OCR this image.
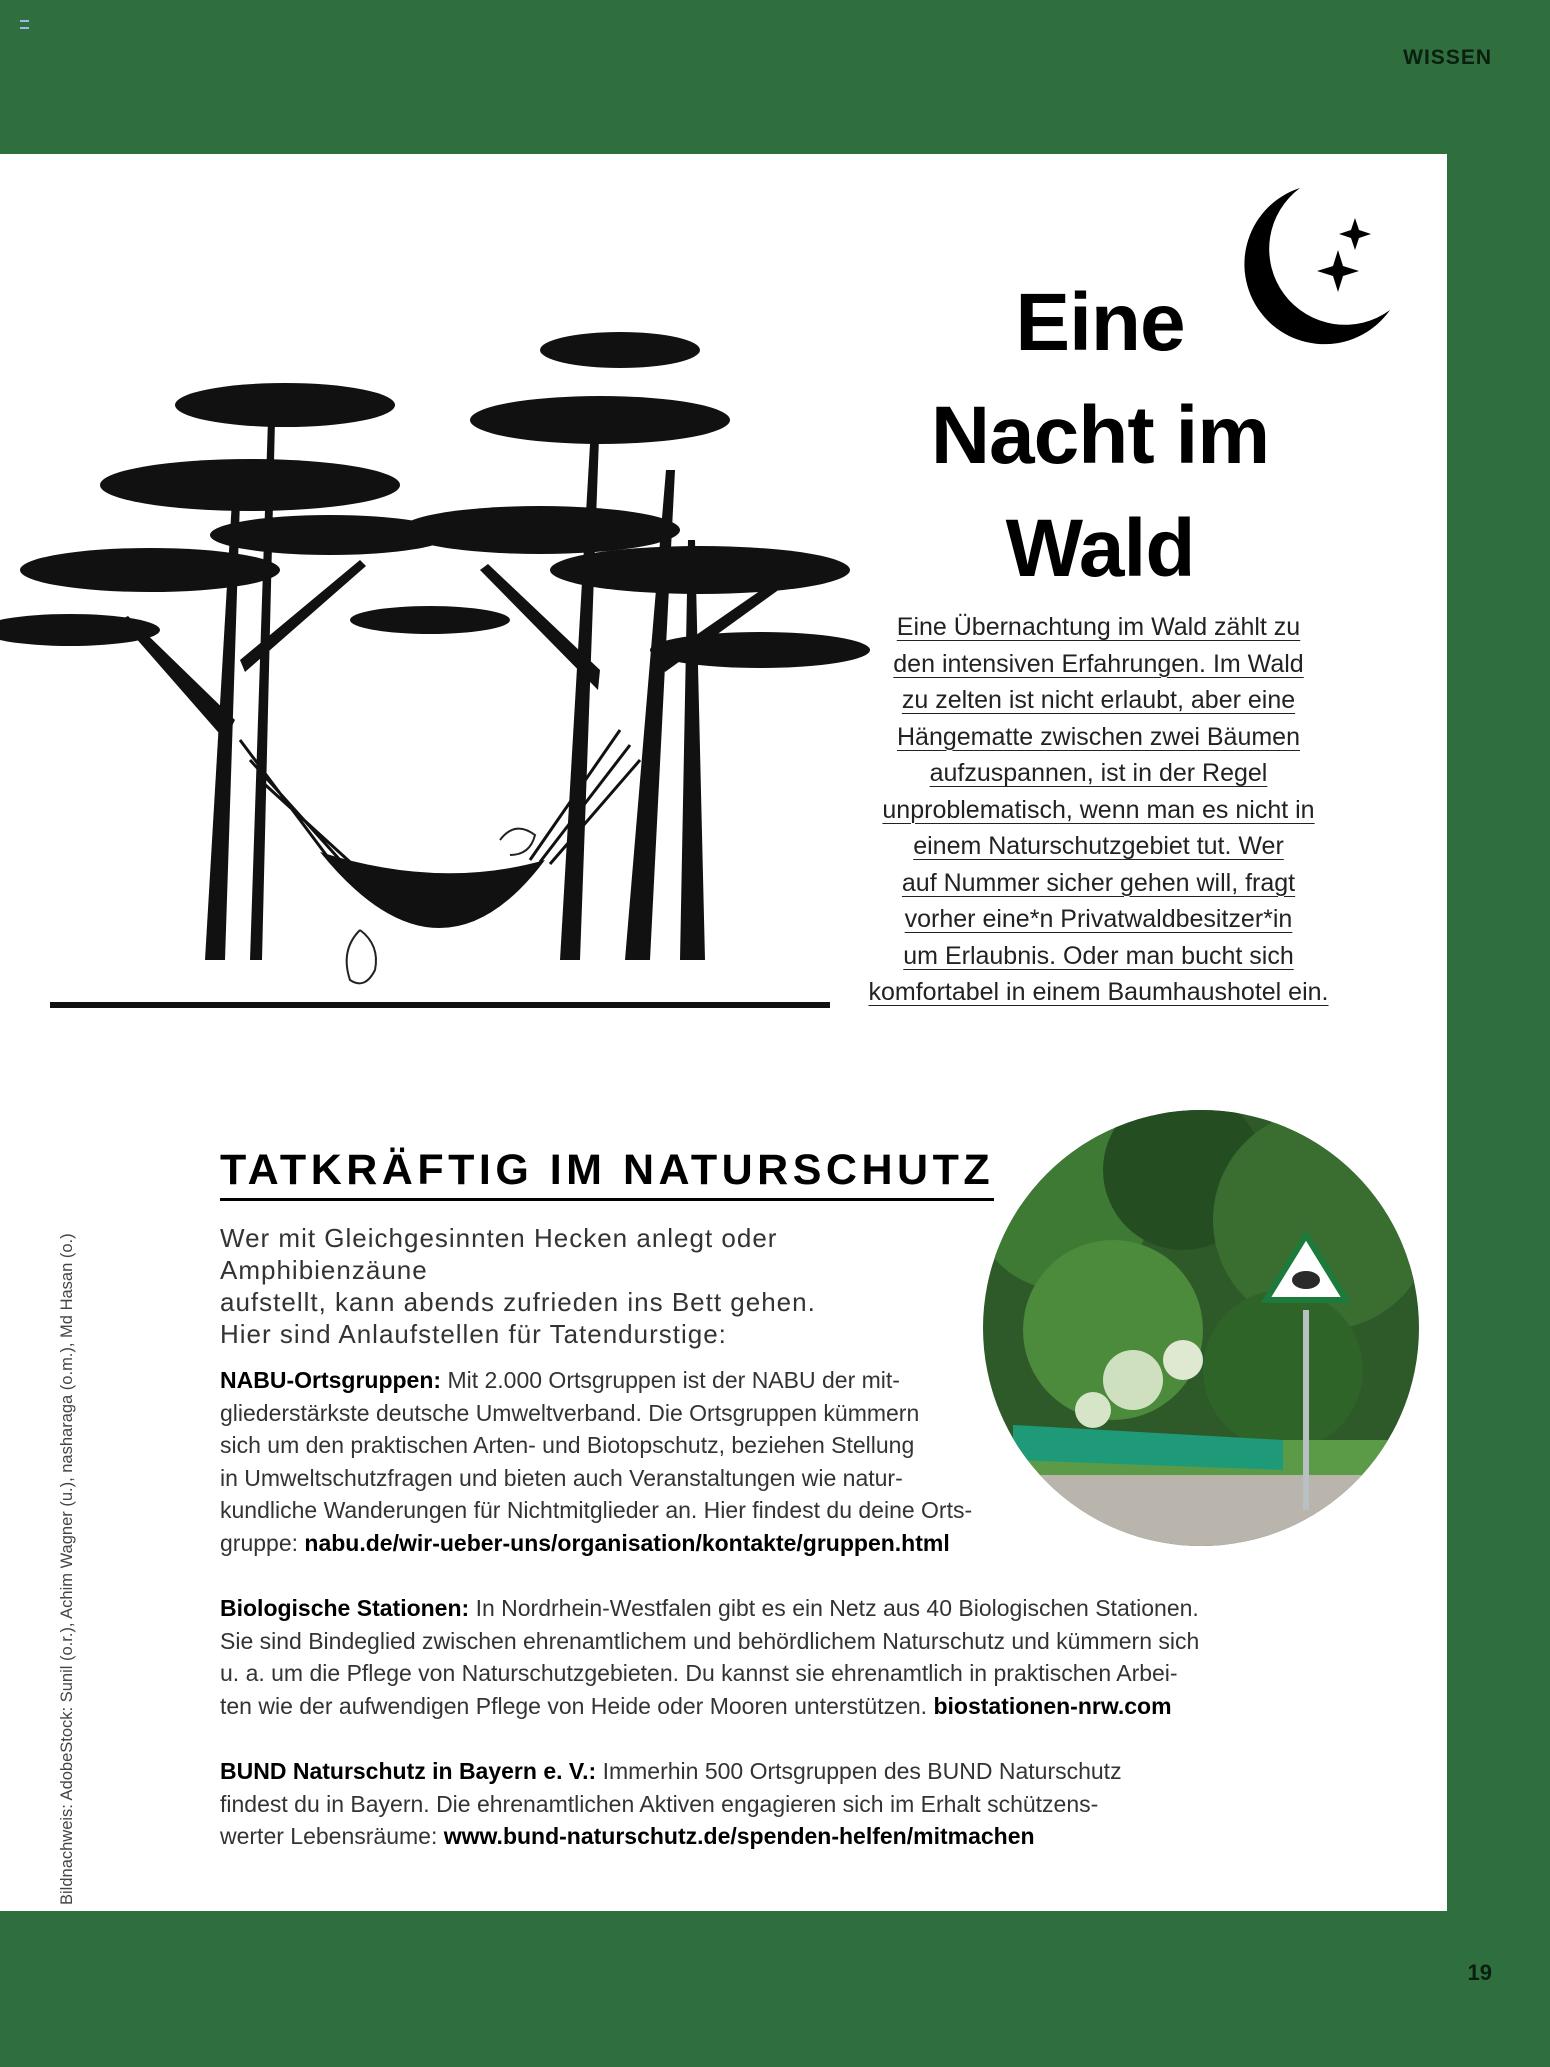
WISSEN
Eine
Nacht im
Wald
Eine Übernachtung im Wald zählt zu
den intensiven Erfahrungen. Im Wald
zu zelten ist nicht erlaubt, aber eine
Hängematte zwischen zwei Bäumen
aufzuspannen, ist in der Regel
unproblematisch, wenn man es nicht in
einem Naturschutzgebiet tut. Wer
auf Nummer sicher gehen will, fragt
vorher eine*n Privatwaldbesitzer*in
um Erlaubnis. Oder man bucht sich
komfortabel in einem Baumhaushotel ein.
TATKRÄFTIG IM NATURSCHUTZ
Wer mit Gleichgesinnten Hecken anlegt oder Amphibienzäune
aufstellt, kann abends zufrieden ins Bett gehen.
Hier sind Anlaufstellen für Tatendurstige:

NABU-Ortsgruppen: Mit 2.000 Ortsgruppen ist der NABU der mit-

gliederstärkste deutsche Umweltverband. Die Ortsgruppen kümmern

sich um den praktischen Arten- und Biotopschutz, beziehen Stellung

in Umweltschutzfragen und bieten auch Veranstaltungen wie natur-

kundliche Wanderungen für Nichtmitglieder an. Hier findest du deine Orts-

gruppe: nabu.de/wir-ueber-uns/organisation/kontakte/gruppen.html

Biologische Stationen: In Nordrhein-Westfalen gibt es ein Netz aus 40 Biologischen Stationen.

Sie sind Bindeglied zwischen ehrenamtlichem und behördlichem Naturschutz und kümmern sich

u. a. um die Pflege von Naturschutzgebieten. Du kannst sie ehrenamtlich in praktischen Arbei-

ten wie der aufwendigen Pflege von Heide oder Mooren unterstützen. biostationen-nrw.com

BUND Naturschutz in Bayern e. V.: Immerhin 500 Ortsgruppen des BUND Naturschutz

findest du in Bayern. Die ehrenamtlichen Aktiven engagieren sich im Erhalt schützens-

werter Lebensräume: www.bund-naturschutz.de/spenden-helfen/mitmachen

Bildnachweis: AdobeStock: Sunil (o.r.), Achim Wagner (u.), nasharaga (o.m.), Md Hasan (o.)
19
